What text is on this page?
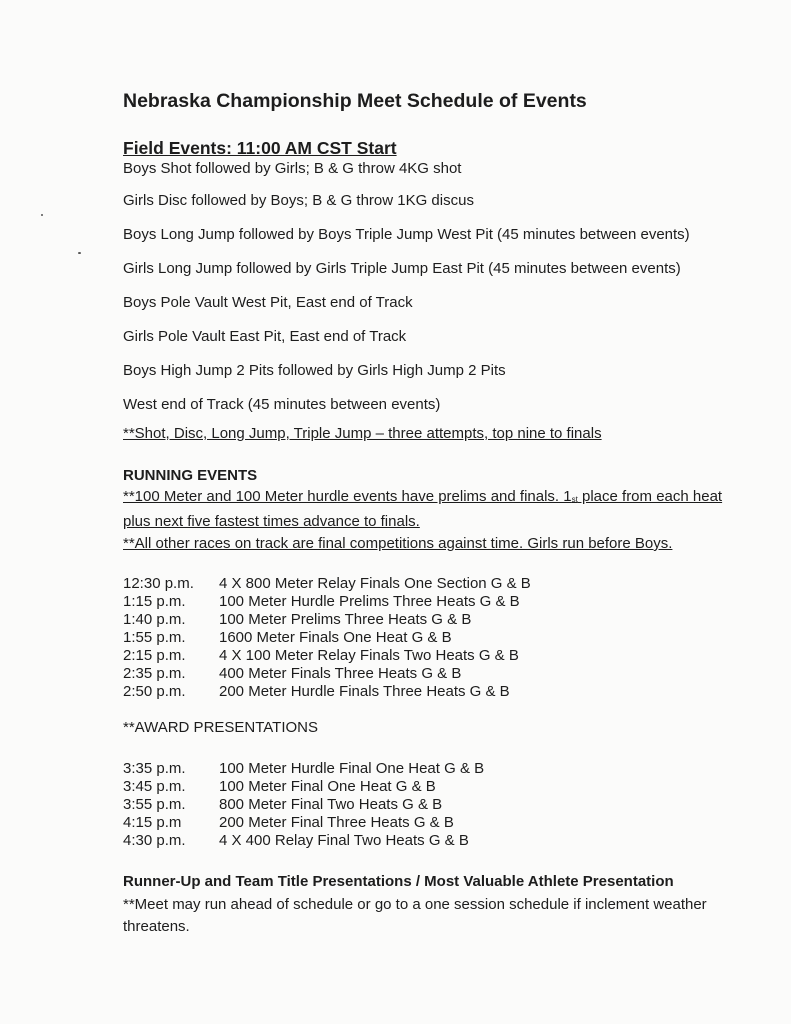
Nebraska Championship Meet Schedule of Events
Field Events: 11:00 AM CST Start
Boys Shot followed by Girls; B & G throw 4KG shot
Girls Disc followed by Boys; B & G throw 1KG discus
Boys Long Jump followed by Boys Triple Jump West Pit (45 minutes between events)
Girls Long Jump followed by Girls Triple Jump East Pit (45 minutes between events)
Boys Pole Vault West Pit, East end of Track
Girls Pole Vault East Pit, East end of Track
Boys High Jump 2 Pits followed by Girls High Jump 2 Pits
West end of Track (45 minutes between events)

**Shot, Disc, Long Jump, Triple Jump – three attempts, top nine to finals

RUNNING EVENTS

**100 Meter and 100 Meter hurdle events have prelims and finals. $1_{st}$ place from each heat plus next five fastest times advance to finals.

**All other races on track are final competitions against time. Girls run before Boys.

12:30 p.m.	4 X 800 Meter Relay Finals One Section G & B
1:15 p.m.	100 Meter Hurdle Prelims Three Heats G & B
1:40 p.m.	100 Meter Prelims Three Heats G & B
1:55 p.m.	1600 Meter Finals One Heat G & B
2:15 p.m.	4 X 100 Meter Relay Finals Two Heats G & B
2:35 p.m.	400 Meter Finals Three Heats G & B
2:50 p.m.	200 Meter Hurdle Finals Three Heats G & B

**AWARD PRESENTATIONS

3:35 p.m.	100 Meter Hurdle Final One Heat G & B
3:45 p.m.	100 Meter Final One Heat G & B
3:55 p.m.	800 Meter Final Two Heats G & B
4:15 p.m	200 Meter Final Three Heats G & B
4:30 p.m.	4 X 400 Relay Final Two Heats G & B
Runner-Up and Team Title Presentations / Most Valuable Athlete Presentation

**Meet may run ahead of schedule or go to a one session schedule if inclement weather threatens.
